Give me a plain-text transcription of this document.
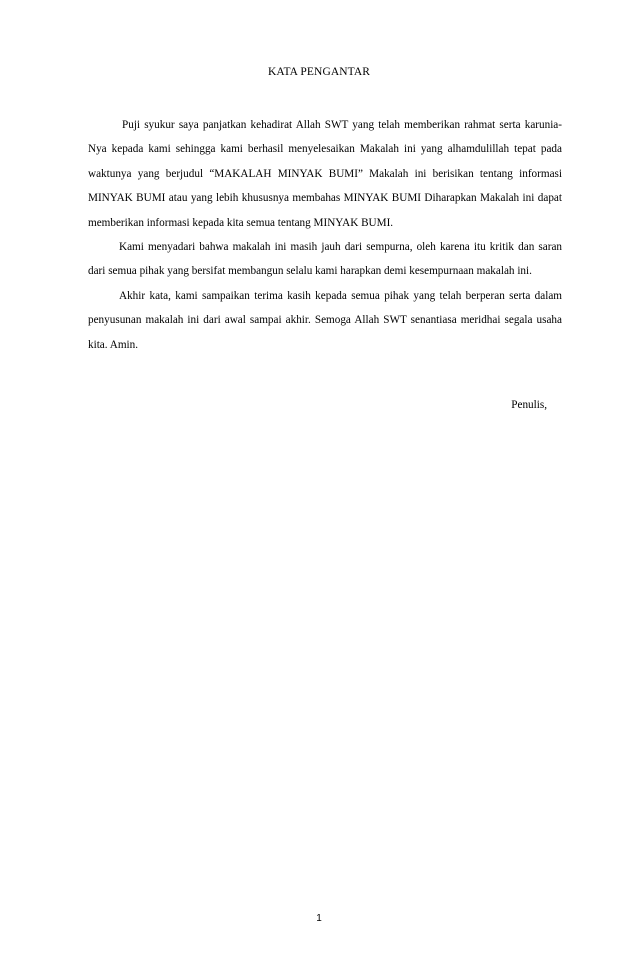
KATA PENGANTAR

Puji syukur saya panjatkan kehadirat Allah SWT yang telah memberikan rahmat serta karunia-Nya kepada kami sehingga kami berhasil menyelesaikan Makalah ini yang alhamdulillah tepat pada waktunya yang berjudul “MAKALAH MINYAK BUMI” Makalah ini berisikan tentang informasi MINYAK BUMI atau yang lebih khususnya membahas MINYAK BUMI Diharapkan Makalah ini dapat memberikan informasi kepada kita semua tentang MINYAK BUMI.

Kami menyadari bahwa makalah ini masih jauh dari sempurna, oleh karena itu kritik dan saran dari semua pihak yang bersifat membangun selalu kami harapkan demi kesempurnaan makalah ini.

Akhir kata, kami sampaikan terima kasih kepada semua pihak yang telah berperan serta dalam penyusunan makalah ini dari awal sampai akhir. Semoga Allah SWT senantiasa meridhai segala usaha kita. Amin.

Penulis,

1
